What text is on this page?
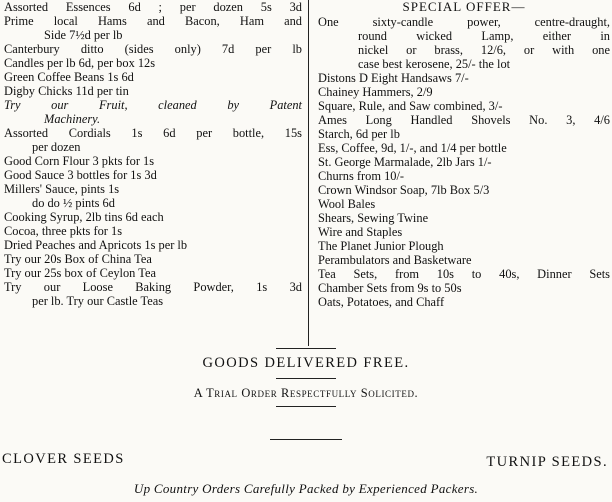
Assorted Essences 6d ; per dozen 5s 3d
Prime local Hams and Bacon, Ham and
Side 7½d per lb
Canterbury ditto (sides only) 7d per lb
Candles per lb 6d, per box 12s
Green Coffee Beans 1s 6d
Digby Chicks 11d per tin
Try our Fruit, cleaned by Patent
Machinery.
Assorted Cordials 1s 6d per bottle, 15s
per dozen
Good Corn Flour 3 pkts for 1s
Good Sauce 3 bottles for 1s 3d
Millers' Sauce, pints 1s
do do ½ pints 6d
Cooking Syrup, 2lb tins 6d each
Cocoa, three pkts for 1s
Dried Peaches and Apricots 1s per lb
Try our 20s Box of China Tea
Try our 25s box of Ceylon Tea
Try our Loose Baking Powder, 1s 3d
per lb. Try our Castle Teas
SPECIAL OFFER—
One sixty-candle power, centre-draught,
round wicked Lamp, either in
nickel or brass, 12/6, or with one
case best kerosene, 25/- the lot
Distons D Eight Handsaws 7/-
Chainey Hammers, 2/9
Square, Rule, and Saw combined, 3/-
Ames Long Handled Shovels No. 3, 4/6
Starch, 6d per lb
Ess, Coffee, 9d, 1/-, and 1/4 per bottle
St. George Marmalade, 2lb Jars 1/-
Churns from 10/-
Crown Windsor Soap, 7lb Box 5/3
Wool Bales
Shears, Sewing Twine
Wire and Staples
The Planet Junior Plough
Perambulators and Basketware
Tea Sets, from 10s to 40s, Dinner Sets
Chamber Sets from 9s to 50s
Oats, Potatoes, and Chaff
GOODS DELIVERED FREE.
A Trial Order Respectfully Solicited.
CLOVER SEEDS	TURNIP SEEDS.
Up Country Orders Carefully Packed by Experienced Packers.
